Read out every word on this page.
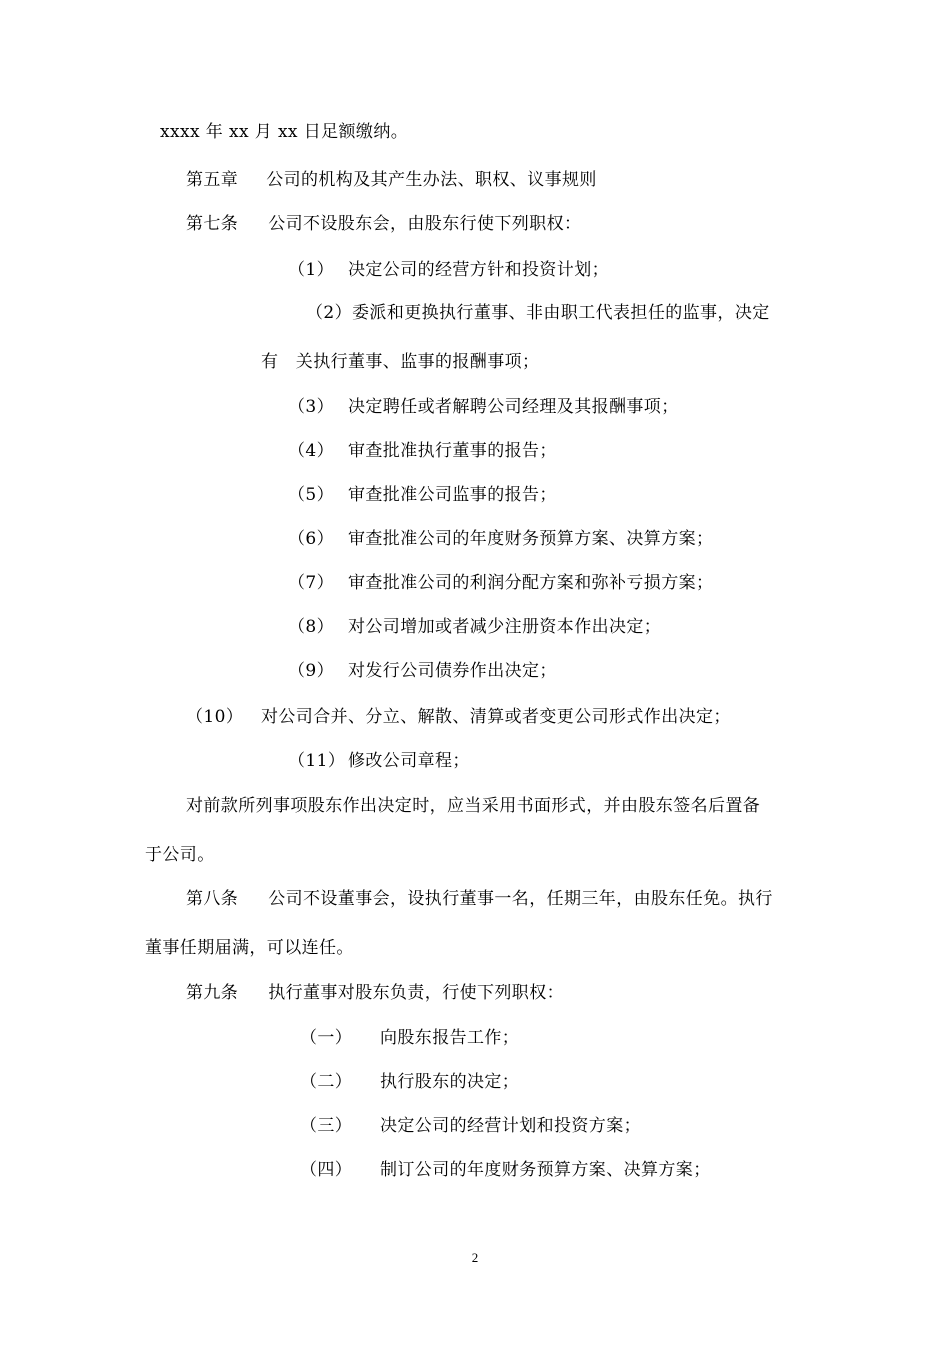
xxxx 年 xx 月 xx 日足额缴纳。
第五章 公司的机构及其产生办法、职权、议事规则
第七条 公司不设股东会，由股东行使下列职权：
（1） 决定公司的经营方针和投资计划；
（2）委派和更换执行董事、非由职工代表担任的监事，决定
有　关执行董事、监事的报酬事项；
（3） 决定聘任或者解聘公司经理及其报酬事项；
（4） 审查批准执行董事的报告；
（5） 审查批准公司监事的报告；
（6） 审查批准公司的年度财务预算方案、决算方案；
（7） 审查批准公司的利润分配方案和弥补亏损方案；
（8） 对公司增加或者减少注册资本作出决定；
（9） 对发行公司债券作出决定；
（10） 对公司合并、分立、解散、清算或者变更公司形式作出决定；
（11） 修改公司章程；
对前款所列事项股东作出决定时，应当采用书面形式，并由股东签名后置备
于公司。
第八条 公司不设董事会，设执行董事一名，任期三年，由股东任免。执行
董事任期届满，可以连任。
第九条 执行董事对股东负责，行使下列职权：
（一） 向股东报告工作；
（二） 执行股东的决定；
（三） 决定公司的经营计划和投资方案；
（四） 制订公司的年度财务预算方案、决算方案；
2
